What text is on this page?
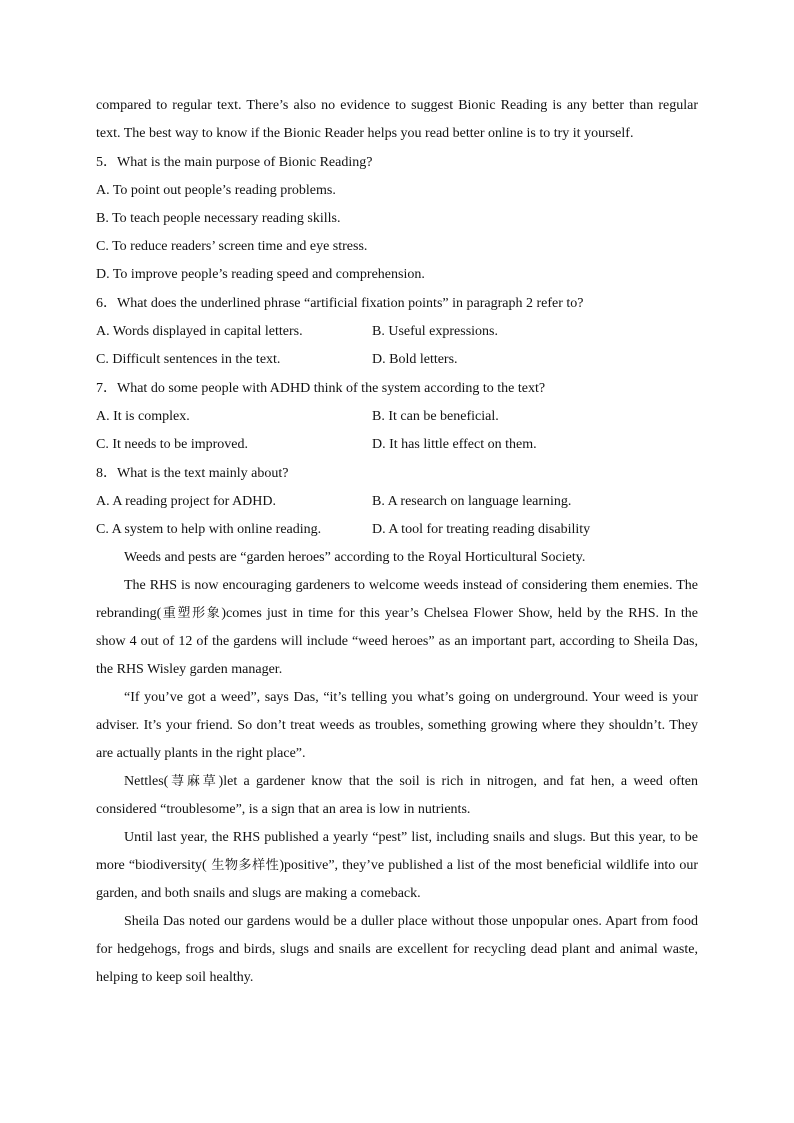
compared to regular text. There’s also no evidence to suggest Bionic Reading is any better than regular text. The best way to know if the Bionic Reader helps you read better online is to try it yourself.

5．What is the main purpose of Bionic Reading?

A. To point out people’s reading problems.

B. To teach people necessary reading skills.

C. To reduce readers’ screen time and eye stress.

D. To improve people’s reading speed and comprehension.

6．What does the underlined phrase “artificial fixation points” in paragraph 2 refer to?

A. Words displayed in capital letters.	B. Useful expressions.
C. Difficult sentences in the text.	D. Bold letters.

7．What do some people with ADHD think of the system according to the text?

A. It is complex.	B. It can be beneficial.
C. It needs to be improved.	D. It has little effect on them.

8．What is the text mainly about?

A. A reading project for ADHD.	B. A research on language learning.
C. A system to help with online reading.	D. A tool for treating reading disability

Weeds and pests are “garden heroes” according to the Royal Horticultural Society.

The RHS is now encouraging gardeners to welcome weeds instead of considering them enemies. The rebranding(重塑形象)comes just in time for this year’s Chelsea Flower Show, held by the RHS. In the show 4 out of 12 of the gardens will include “weed heroes” as an important part, according to Sheila Das, the RHS Wisley garden manager.

“If you’ve got a weed”, says Das, “it’s telling you what’s going on underground. Your weed is your adviser. It’s your friend. So don’t treat weeds as troubles, something growing where they shouldn’t. They are actually plants in the right place”.

Nettles(荨麻草)let a gardener know that the soil is rich in nitrogen, and fat hen, a weed often considered “troublesome”, is a sign that an area is low in nutrients.

Until last year, the RHS published a yearly “pest” list, including snails and slugs. But this year, to be more “biodiversity( 生物多样性)positive”, they’ve published a list of the most beneficial wildlife into our garden, and both snails and slugs are making a comeback.

Sheila Das noted our gardens would be a duller place without those unpopular ones. Apart from food for hedgehogs, frogs and birds, slugs and snails are excellent for recycling dead plant and animal waste, helping to keep soil healthy.
